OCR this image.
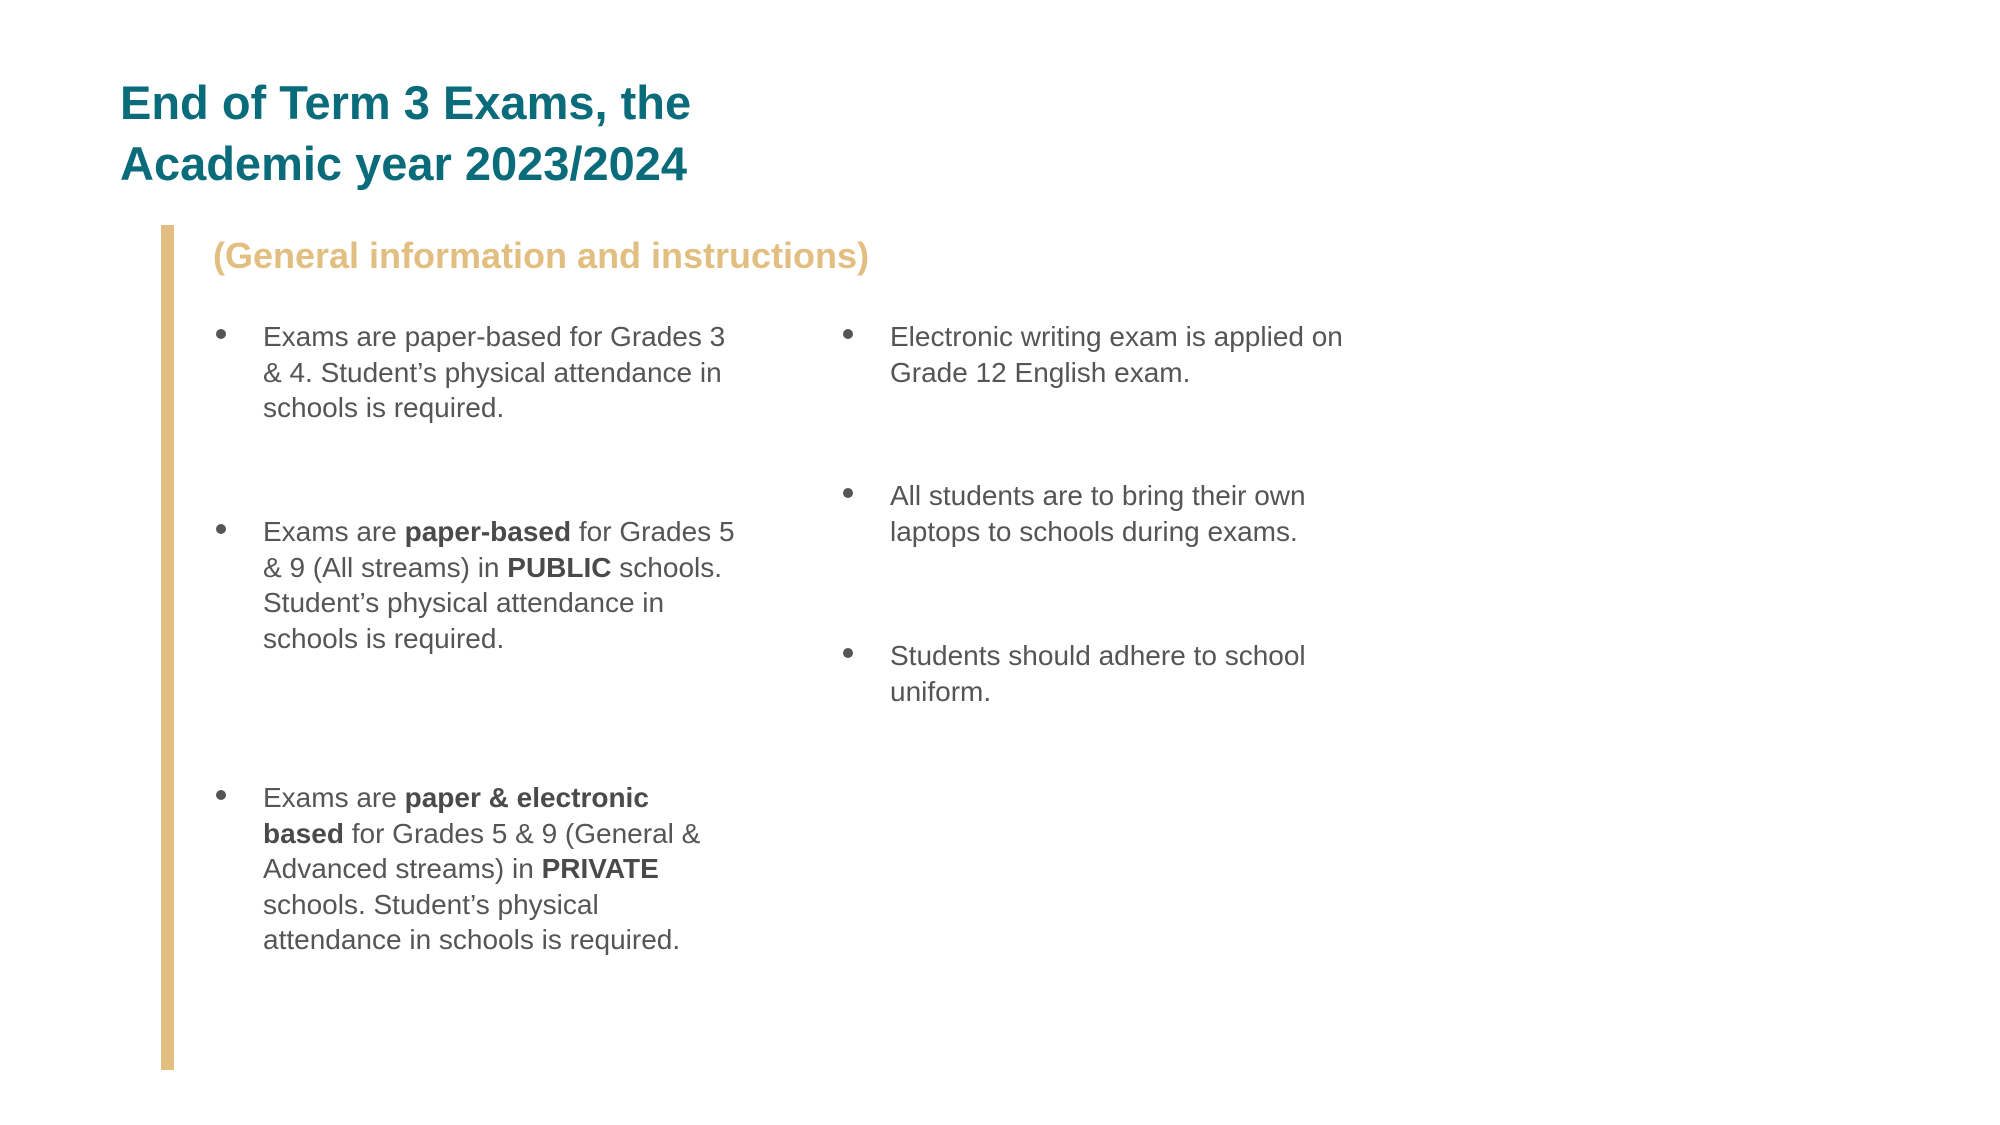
End of Term 3 Exams, the
Academic year 2023/2024
(General information and instructions)
Exams are paper-based for Grades 3 & 4. Student’s physical attendance in schools is required.
Exams are paper-based for Grades 5 & 9 (All streams) in PUBLIC schools. Student’s physical attendance in schools is required.
Exams are paper & electronic based for Grades 5 & 9 (General & Advanced streams) in PRIVATE schools. Student’s physical attendance in schools is required.
Electronic writing exam is applied on Grade 12 English exam.
All students are to bring their own laptops to schools during exams.
Students should adhere to school uniform.
